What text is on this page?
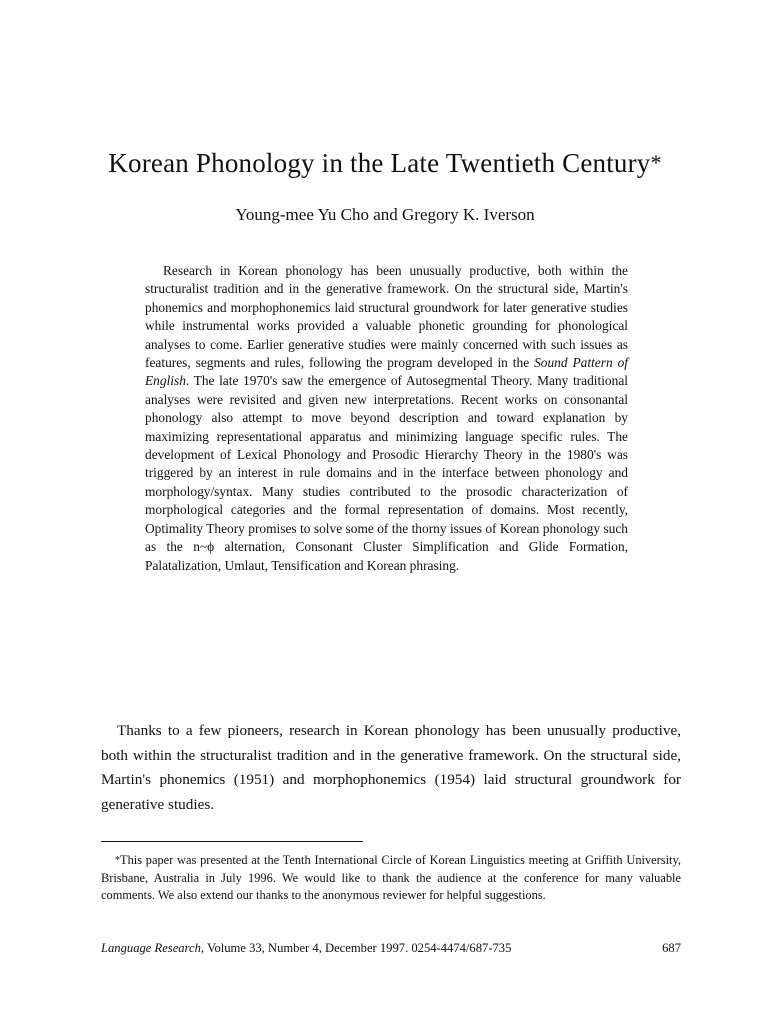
Korean Phonology in the Late Twentieth Century*
Young-mee Yu Cho and Gregory K. Iverson

Research in Korean phonology has been unusually productive, both within the structuralist tradition and in the generative framework. On the structural side, Martin's phonemics and morphophonemics laid structural groundwork for later generative studies while instrumental works provided a valuable phonetic grounding for phonological analyses to come. Earlier generative studies were mainly concerned with such issues as features, segments and rules, following the program developed in the Sound Pattern of English. The late 1970's saw the emergence of Autosegmental Theory. Many traditional analyses were revisited and given new interpretations. Recent works on consonantal phonology also attempt to move beyond description and toward explanation by maximizing representational apparatus and minimizing language specific rules. The development of Lexical Phonology and Prosodic Hierarchy Theory in the 1980's was triggered by an interest in rule domains and in the interface between phonology and morphology/syntax. Many studies contributed to the prosodic characterization of morphological categories and the formal representation of domains. Most recently, Optimality Theory promises to solve some of the thorny issues of Korean phonology such as the n~ϕ alternation, Consonant Cluster Simplification and Glide Formation, Palatalization, Umlaut, Tensification and Korean phrasing.

Thanks to a few pioneers, research in Korean phonology has been unusually productive, both within the structuralist tradition and in the generative framework. On the structural side, Martin's phonemics (1951) and morphophonemics (1954) laid structural groundwork for generative studies.

*This paper was presented at the Tenth International Circle of Korean Linguistics meeting at Griffith University, Brisbane, Australia in July 1996. We would like to thank the audience at the conference for many valuable comments. We also extend our thanks to the anonymous reviewer for helpful suggestions.

Language Research, Volume 33, Number 4, December 1997. 0254-4474/687-735	687
